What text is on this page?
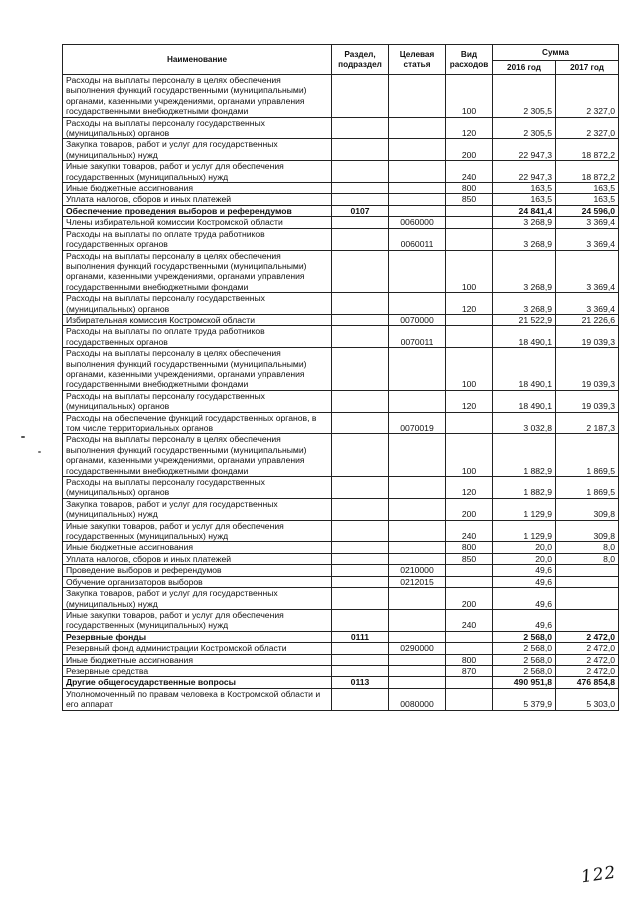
Наименование	Раздел, подраздел	Целевая статья	Вид расходов	Сумма	
				2016 год	2017 год
Расходы на выплаты персоналу в целях обеспечения выполнения функций государственными (муниципальными) органами, казенными учреждениями, органами управления государственными внебюджетными фондами			100	2 305,5	2 327,0
Расходы на выплаты персоналу государственных (муниципальных) органов			120	2 305,5	2 327,0
Закупка товаров, работ и услуг для государственных (муниципальных) нужд			200	22 947,3	18 872,2
Иные закупки товаров, работ и услуг для обеспечения государственных (муниципальных) нужд			240	22 947,3	18 872,2
Иные бюджетные ассигнования			800	163,5	163,5
Уплата налогов, сборов и иных платежей			850	163,5	163,5
Обеспечение проведения выборов и референдумов	0107			24 841,4	24 596,0
Члены избирательной комиссии Костромской области		0060000		3 268,9	3 369,4
Расходы на выплаты по оплате труда работников государственных органов		0060011		3 268,9	3 369,4
Расходы на выплаты персоналу в целях обеспечения выполнения функций государственными (муниципальными) органами, казенными учреждениями, органами управления государственными внебюджетными фондами			100	3 268,9	3 369,4
Расходы на выплаты персоналу государственных (муниципальных) органов			120	3 268,9	3 369,4
Избирательная комиссия Костромской области		0070000		21 522,9	21 226,6
Расходы на выплаты по оплате труда работников государственных органов		0070011		18 490,1	19 039,3
Расходы на выплаты персоналу в целях обеспечения выполнения функций государственными (муниципальными) органами, казенными учреждениями, органами управления государственными внебюджетными фондами			100	18 490,1	19 039,3
Расходы на выплаты персоналу государственных (муниципальных) органов			120	18 490,1	19 039,3
Расходы на обеспечение функций государственных органов, в том числе территориальных органов		0070019		3 032,8	2 187,3
Расходы на выплаты персоналу в целях обеспечения выполнения функций государственными (муниципальными) органами, казенными учреждениями, органами управления государственными внебюджетными фондами			100	1 882,9	1 869,5
Расходы на выплаты персоналу государственных (муниципальных) органов			120	1 882,9	1 869,5
Закупка товаров, работ и услуг для государственных (муниципальных) нужд			200	1 129,9	309,8
Иные закупки товаров, работ и услуг для обеспечения государственных (муниципальных) нужд			240	1 129,9	309,8
Иные бюджетные ассигнования			800	20,0	8,0
Уплата налогов, сборов и иных платежей			850	20,0	8,0
Проведение выборов и референдумов		0210000		49,6	
Обучение организаторов выборов		0212015		49,6	
Закупка товаров, работ и услуг для государственных (муниципальных) нужд			200	49,6	
Иные закупки товаров, работ и услуг для обеспечения государственных (муниципальных) нужд			240	49,6	
Резервные фонды	0111			2 568,0	2 472,0
Резервный фонд администрации Костромской области		0290000		2 568,0	2 472,0
Иные бюджетные ассигнования			800	2 568,0	2 472,0
Резервные средства			870	2 568,0	2 472,0
Другие общегосударственные вопросы	0113			490 951,8	476 854,8
Уполномоченный по правам человека в Костромской области и его аппарат		0080000		5 379,9	5 303,0
122
